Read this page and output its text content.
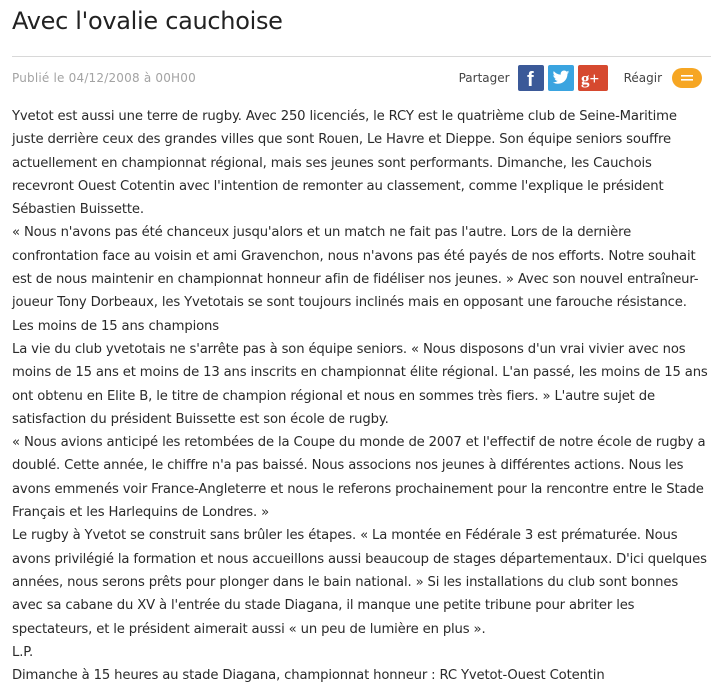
Avec l'ovalie cauchoise
Publié le 04/12/2008 à 00H00	Partager f	g+ Réagir

Yvetot est aussi une terre de rugby. Avec 250 licenciés, le RCY est le quatrième club de Seine-Maritime juste derrière ceux des grandes villes que sont Rouen, Le Havre et Dieppe. Son équipe seniors souffre actuellement en championnat régional, mais ses jeunes sont performants. Dimanche, les Cauchois recevront Ouest Cotentin avec l'intention de remonter au classement, comme l'explique le président Sébastien Buissette.

« Nous n'avons pas été chanceux jusqu'alors et un match ne fait pas l'autre. Lors de la dernière confrontation face au voisin et ami Gravenchon, nous n'avons pas été payés de nos efforts. Notre souhait est de nous maintenir en championnat honneur afin de fidéliser nos jeunes. » Avec son nouvel entraîneur-joueur Tony Dorbeaux, les Yvetotais se sont toujours inclinés mais en opposant une farouche résistance.

Les moins de 15 ans champions

La vie du club yvetotais ne s'arrête pas à son équipe seniors. « Nous disposons d'un vrai vivier avec nos moins de 15 ans et moins de 13 ans inscrits en championnat élite régional. L'an passé, les moins de 15 ans ont obtenu en Elite B, le titre de champion régional et nous en sommes très fiers. » L'autre sujet de satisfaction du président Buissette est son école de rugby.

« Nous avions anticipé les retombées de la Coupe du monde de 2007 et l'effectif de notre école de rugby a doublé. Cette année, le chiffre n'a pas baissé. Nous associons nos jeunes à différentes actions. Nous les avons emmenés voir France-Angleterre et nous le referons prochainement pour la rencontre entre le Stade Français et les Harlequins de Londres. »

Le rugby à Yvetot se construit sans brûler les étapes. « La montée en Fédérale 3 est prématurée. Nous avons privilégié la formation et nous accueillons aussi beaucoup de stages départementaux. D'ici quelques années, nous serons prêts pour plonger dans le bain national. » Si les installations du club sont bonnes avec sa cabane du XV à l'entrée du stade Diagana, il manque une petite tribune pour abriter les spectateurs, et le président aimerait aussi « un peu de lumière en plus ».

L.P.

Dimanche à 15 heures au stade Diagana, championnat honneur : RC Yvetot-Ouest Cotentin
